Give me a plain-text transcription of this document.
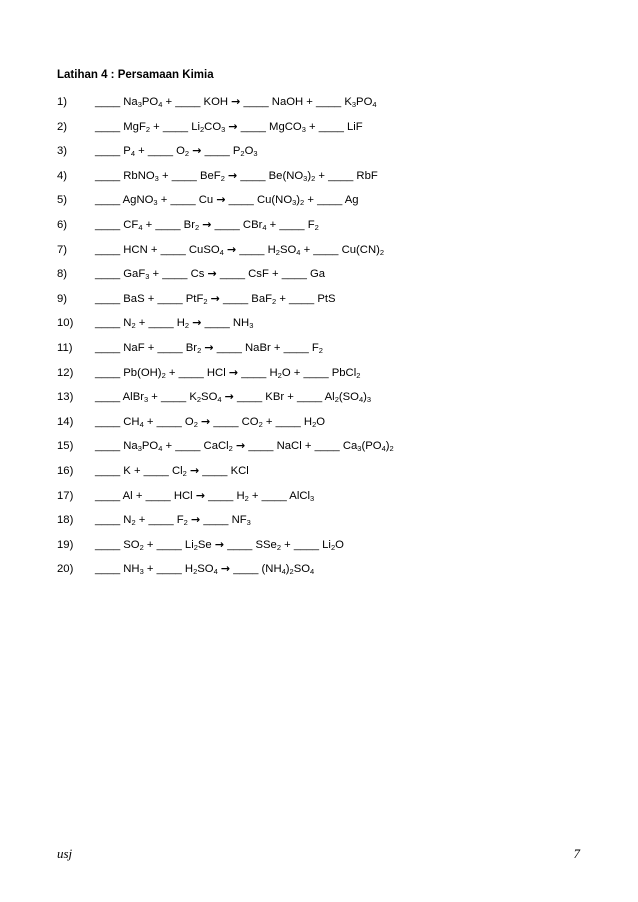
Latihan 4 : Persamaan Kimia
1)	____ $Na_3PO_4$ + ____ KOH → ____ NaOH + ____ $K_3PO_4$
2)	____ MgF$_2$ + ____ $Li_2CO_3$ → ____ MgCO$_3$ + ____ LiF
3)	____ $P_4$ + ____ $O_2$ → ____ $P_2O_3$
4)	____ RbNO$_3$ + ____ BeF$_2$ → ____ $Be(NO_3)_2$ + ____ RbF
5)	____ AgNO$_3$ + ____ Cu → ____ $Cu(NO_3)_2$ + ____ Ag
6)	____ $CF_4$ + ____ $Br_2$ → ____ CBr$_4$ + ____ $F_2$
7)	____ HCN + ____ CuSO$_4$ → ____ $H_2SO_4$ + ____ $Cu(CN)_2$
8)	____ GaF$_3$ + ____ Cs → ____ CsF + ____ Ga
9)	____ BaS + ____ PtF$_2$ → ____ BaF$_2$ + ____ PtS
10)	____ $N_2$ + ____ $H_2$ → ____ $NH_3$
11)	____ NaF + ____ $Br_2$ → ____ NaBr + ____ $F_2$
12)	____ $Pb(OH)_2$ + ____ HCl → ____ $H_2O$ + ____ PbCl$_2$
13)	____ AlBr$_3$ + ____ $K_2SO_4$ → ____ KBr + ____ $Al_2(SO_4)_3$
14)	____ $CH_4$ + ____ $O_2$ → ____ $CO_2$ + ____ $H_2O$
15)	____ $Na_3PO_4$ + ____ CaCl$_2$ → ____ NaCl + ____ $Ca_3(PO_4)_2$
16)	____ K + ____ $Cl_2$ → ____ KCl
17)	____ Al + ____ HCl → ____ $H_2$ + ____ AlCl$_3$
18)	____ $N_2$ + ____ $F_2$ → ____ $NF_3$
19)	____ $SO_2$ + ____ $Li_2Se$ → ____ SSe$_2$ + ____ $Li_2O$
20)	____ $NH_3$ + ____ $H_2SO_4$ → ____ $(NH_4)_2SO_4$
usj	7
